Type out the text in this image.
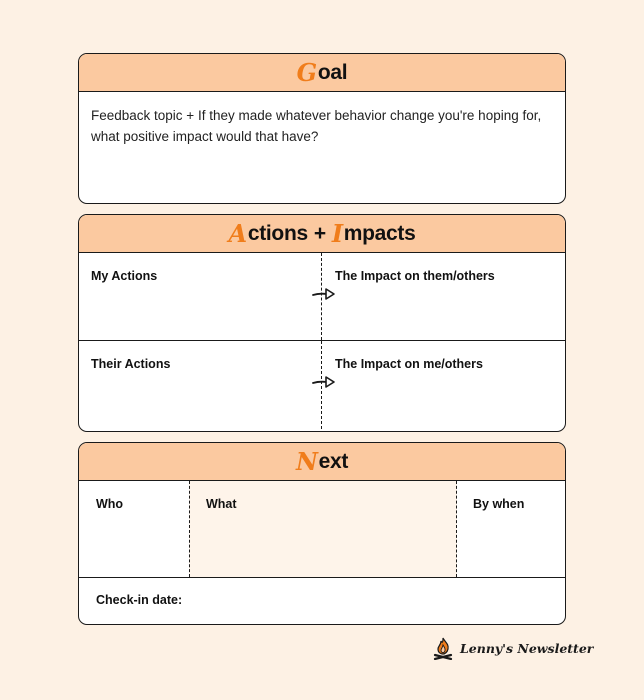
G oal
Feedback topic + If they made whatever behavior change you're hoping for, what positive impact would that have?
A ctions + I mpacts
My Actions	The Impact on them/others
Their Actions	The Impact on me/others
N ext
Who	What	By when
Check-in date:
Lenny's Newsletter
